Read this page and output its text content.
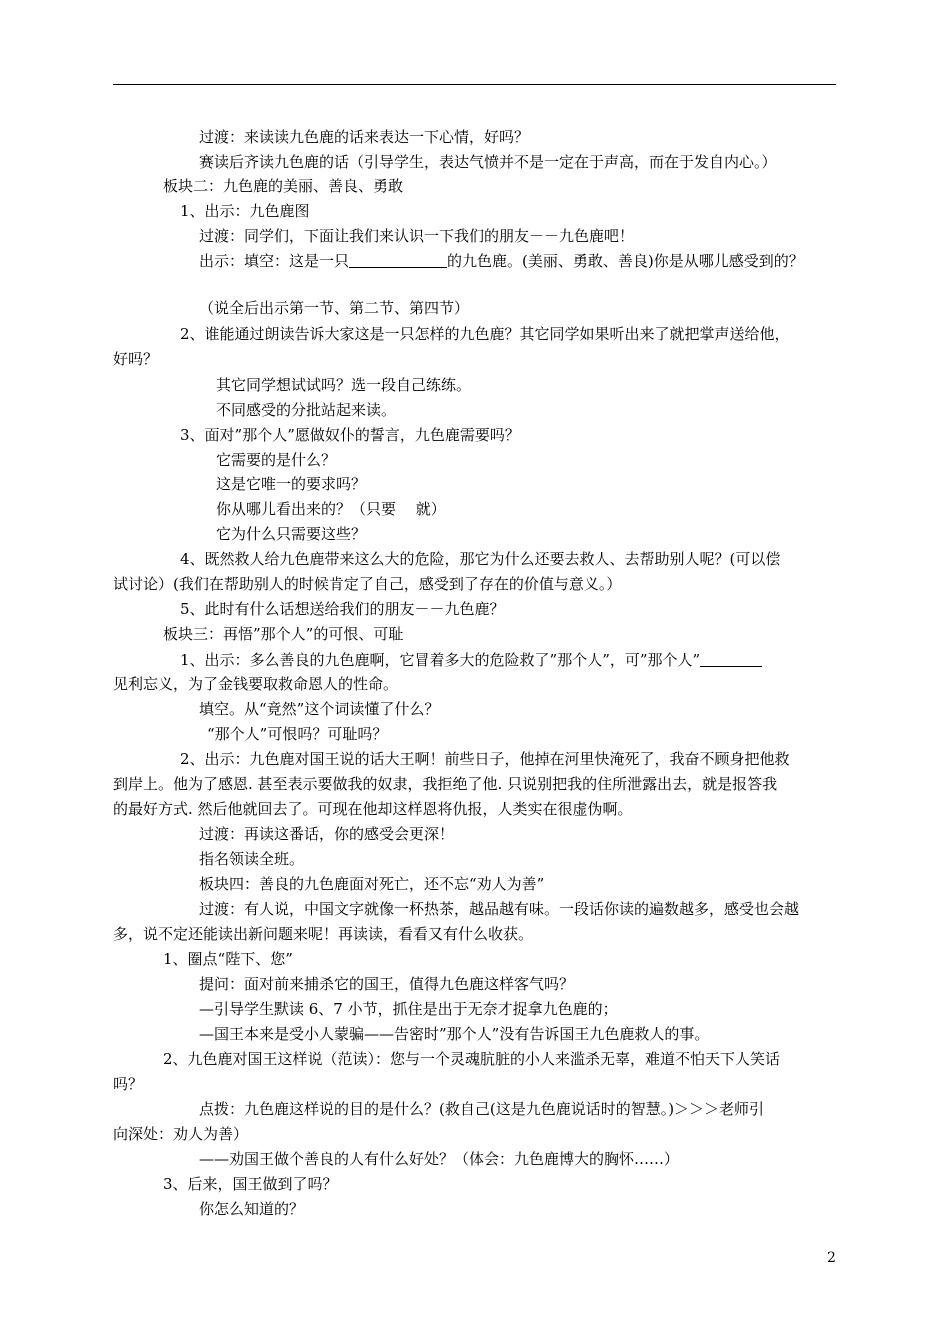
过渡：来读读九色鹿的话来表达一下心情，好吗？
赛读后齐读九色鹿的话（引导学生，表达气愤并不是一定在于声高，而在于发自内心。）
板块二：九色鹿的美丽、善良、勇敢
1、出示：九色鹿图
过渡：同学们，下面让我们来认识一下我们的朋友－－九色鹿吧！
出示：填空：这是一只	的九色鹿。(美丽、勇敢、善良)你是从哪儿感受到的？
（说全后出示第一节、第二节、第四节）
2、谁能通过朗读告诉大家这是一只怎样的九色鹿？其它同学如果听出来了就把掌声送给他，
好吗？
其它同学想试试吗？选一段自己练练。
不同感受的分批站起来读。
3、面对”那个人”愿做奴仆的誓言，九色鹿需要吗？
它需要的是什么？
这是它唯一的要求吗？
你从哪儿看出来的？（只要　 就）
它为什么只需要这些？
4、既然救人给九色鹿带来这么大的危险，那它为什么还要去救人、去帮助别人呢？(可以偿
试讨论）(我们在帮助别人的时候肯定了自己，感受到了存在的价值与意义。）
5、此时有什么话想送给我们的朋友－－九色鹿？
板块三：再悟”那个人”的可恨、可耻
1、出示：多么善良的九色鹿啊，它冒着多大的危险救了”那个人”，可”那个人”
见利忘义，为了金钱要取救命恩人的性命。
填空。从“竟然”这个词读懂了什么？
“那个人”可恨吗？可耻吗？
2、出示：九色鹿对国王说的话大王啊！前些日子，他掉在河里快淹死了，我奋不顾身把他救
到岸上。他为了感恩. 甚至表示要做我的奴隶，我拒绝了他. 只说别把我的住所泄露出去，就是报答我
的最好方式. 然后他就回去了。可现在他却这样恩将仇报，人类实在很虚伪啊。
过渡：再读这番话，你的感受会更深！
指名领读全班。
板块四：善良的九色鹿面对死亡，还不忘“劝人为善”
过渡：有人说，中国文字就像一杯热茶，越品越有味。一段话你读的遍数越多，感受也会越
多，说不定还能读出新问题来呢！再读读，看看又有什么收获。
1、圈点“陛下、您”
提问：面对前来捕杀它的国王，值得九色鹿这样客气吗？
—引导学生默读 6、7 小节，抓住是出于无奈才捉拿九色鹿的；
—国王本来是受小人蒙骗——告密时”那个人”没有告诉国王九色鹿救人的事。
2、九色鹿对国王这样说（范读）：您与一个灵魂肮脏的小人来滥杀无辜，难道不怕天下人笑话
吗？
点拨：九色鹿这样说的目的是什么？(救自己(这是九色鹿说话时的智慧。)＞＞＞老师引
向深处：劝人为善）
——劝国王做个善良的人有什么好处？（体会：九色鹿博大的胸怀……）
3、后来，国王做到了吗？
你怎么知道的？
2
